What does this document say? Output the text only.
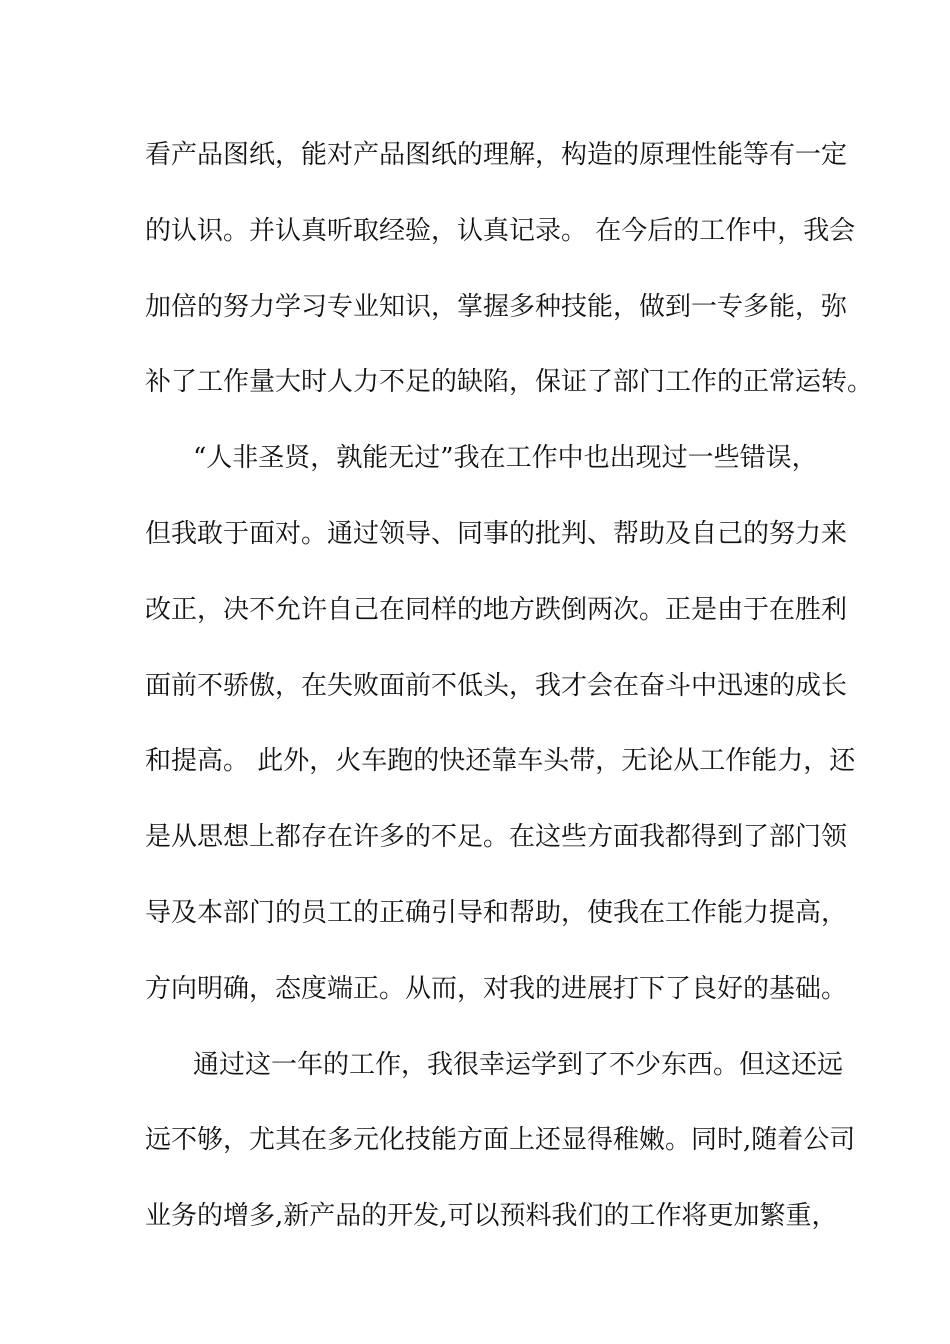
看产品图纸，能对产品图纸的理解，构造的原理性能等有一定
的认识。并认真听取经验，认真记录。 在今后的工作中，我会
加倍的努力学习专业知识，掌握多种技能，做到一专多能，弥
补了工作量大时人力不足的缺陷，保证了部门工作的正常运转。
“人非圣贤，孰能无过”我在工作中也出现过一些错误，
但我敢于面对。通过领导、同事的批判、帮助及自己的努力来
改正，决不允许自己在同样的地方跌倒两次。正是由于在胜利
面前不骄傲，在失败面前不低头，我才会在奋斗中迅速的成长
和提高。 此外，火车跑的快还靠车头带，无论从工作能力，还
是从思想上都存在许多的不足。在这些方面我都得到了部门领
导及本部门的员工的正确引导和帮助，使我在工作能力提高，
方向明确，态度端正。从而，对我的进展打下了良好的基础。
通过这一年的工作，我很幸运学到了不少东西。但这还远
远不够，尤其在多元化技能方面上还显得稚嫩。同时,随着公司
业务的增多,新产品的开发,可以预料我们的工作将更加繁重，
